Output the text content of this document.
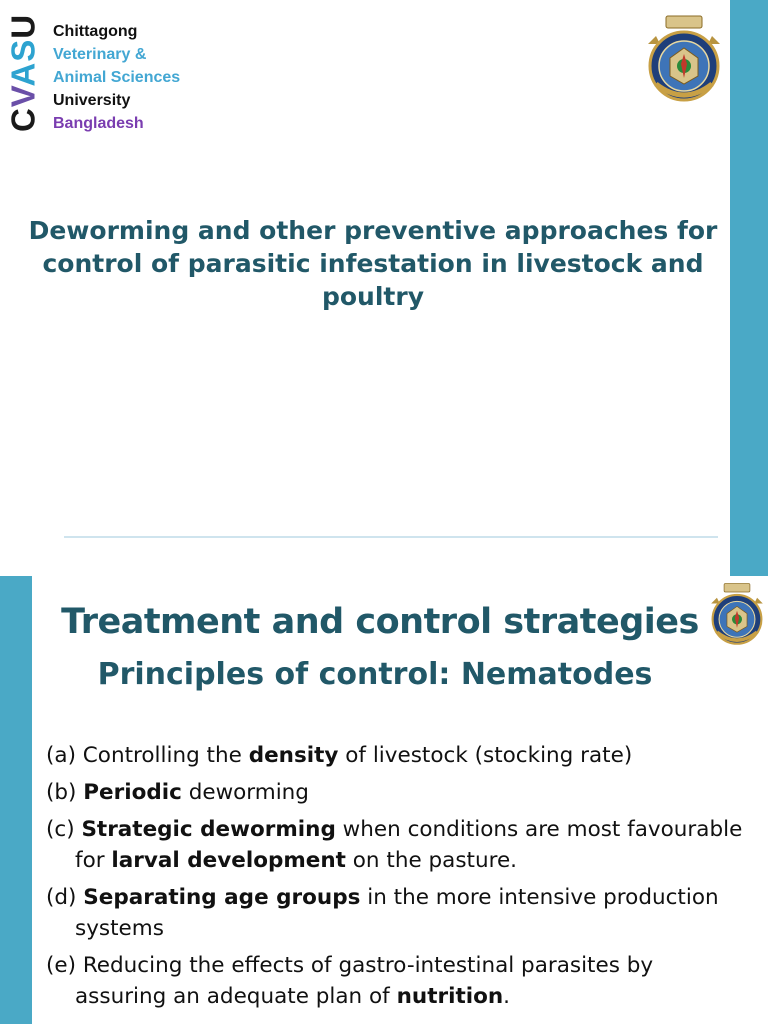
CVASU Chittagong
Veterinary &
Animal Sciences
University
Bangladesh
Deworming and other preventive approaches for
control of parasitic infestation in livestock and
poultry
Treatment and control strategies
Principles of control: Nematodes
(a) Controlling the density of livestock (stocking rate)
(b) Periodic deworming
(c) Strategic deworming when conditions are most favourable for larval development on the pasture.
(d) Separating age groups in the more intensive production systems
(e) Reducing the effects of gastro-intestinal parasites by assuring an adequate plan of nutrition.
